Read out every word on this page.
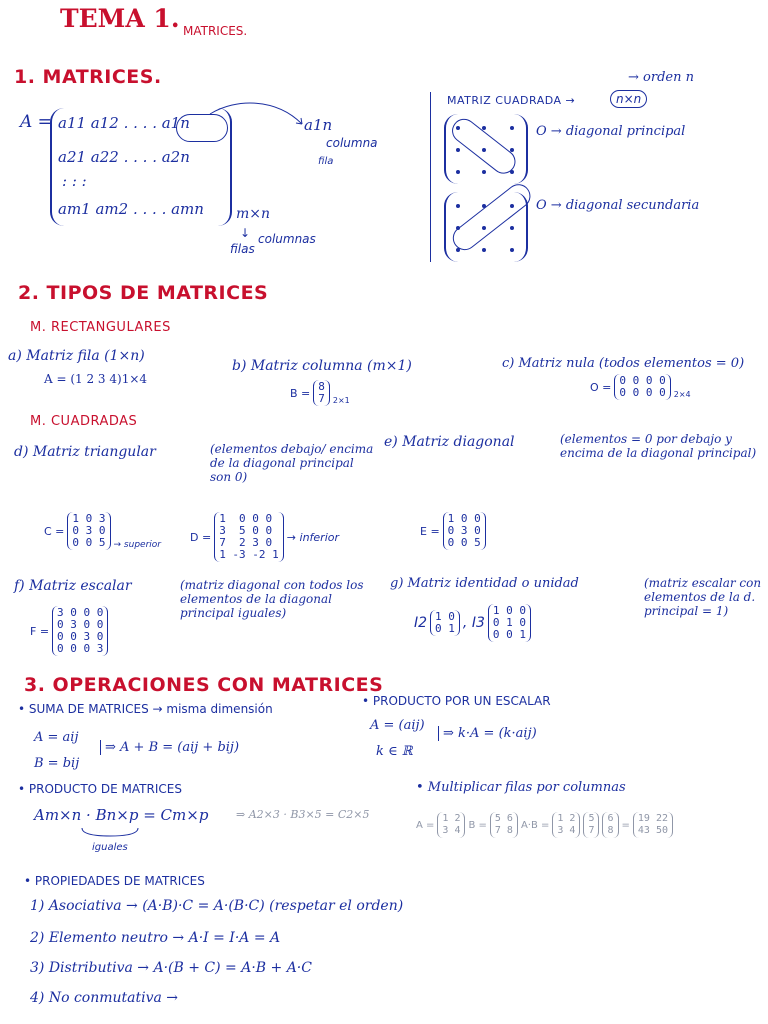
TEMA 1. MATRICES.
1. MATRICES.
A = a11 a12 . . . . a1n
a21 a22 . . . . a2n
: : :
am1 am2 . . . . amn m×n
↓
filas
columnas
a1n
columna
fila
MATRIZ CUADRADA →	n×n
→ orden n
O → diagonal principal
O → diagonal secundaria
2. TIPOS DE MATRICES
M. RECTANGULARES
a) Matriz fila (1×n)
A = (1 2 3 4)1×4
b) Matriz columna (m×1)
B = 8
7 2×1
c) Matriz nula (todos elementos = 0)
O = 0 0 0 0
0 0 0 0 2×4
M. CUADRADAS
d) Matriz triangular	(elementos debajo/ encima de la diagonal principal son 0)
C =
1 0 3
0 3 0
0 0 5 → superior
D =
1  0 0 0
3  5 0 0
7  2 3 0
1 -3 -2 1
→ inferior
e) Matriz diagonal	(elementos = 0 por debajo y encima de la diagonal principal)
E =
1 0 0
0 3 0
0 0 5
f) Matriz escalar	(matriz diagonal con todos los elementos de la diagonal principal iguales)
F =
3 0 0 0
0 3 0 0
0 0 3 0
0 0 0 3
g) Matriz identidad o unidad	(matriz escalar con elementos de la d. principal = 1)
I2 1 0
0 1 , I3
1 0 0
0 1 0
0 0 1
3. OPERACIONES CON MATRICES
• SUMA DE MATRICES → misma dimensión
A = aij
B = bij
⇒ A + B = (aij + bij)
• PRODUCTO POR UN ESCALAR
A = (aij)
k ∈ ℝ
⇒ k·A = (k·aij)
• PRODUCTO DE MATRICES
Am×n · Bn×p = Cm×p	⇒ A2×3 · B3×5 = C2×5
iguales
• Multiplicar filas por columnas
A =
1 2
3 4 B =
5 6
7 8 A·B =
1 2
3 4
5
7
6
8 =
19 22
43 50
• PROPIEDADES DE MATRICES
1) Asociativa → (A·B)·C = A·(B·C) (respetar el orden)
2) Elemento neutro → A·I = I·A = A
3) Distributiva → A·(B + C) = A·B + A·C
4) No conmutativa →
